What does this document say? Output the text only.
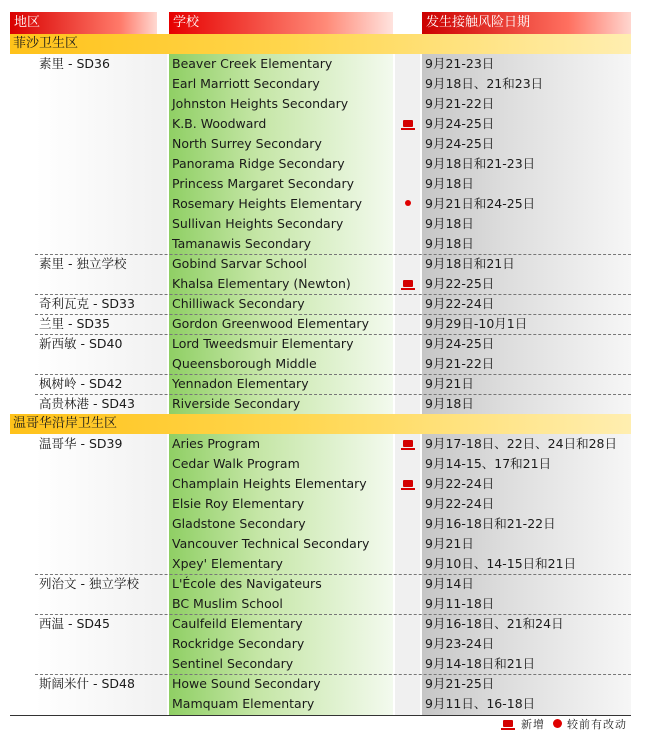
地区	学校	发生接触风险日期
菲沙卫生区
素里 - SD36	Beaver Creek Elementary	9月21-23日
Earl Marriott Secondary	9月18日、21和23日
Johnston Heights Secondary	9月21-22日
K.B. Woodward	9月24-25日
North Surrey Secondary	9月24-25日
Panorama Ridge Secondary	9月18日和21-23日
Princess Margaret Secondary	9月18日
Rosemary Heights Elementary	9月21日和24-25日
Sullivan Heights Secondary	9月18日
Tamanawis Secondary	9月18日
素里 - 独立学校	Gobind Sarvar School	9月18日和21日
Khalsa Elementary (Newton)	9月22-25日
奇利瓦克 - SD33	Chilliwack Secondary	9月22-24日
兰里 - SD35	Gordon Greenwood Elementary	9月29日-10月1日
新西敏 - SD40	Lord Tweedsmuir Elementary	9月24-25日
Queensborough Middle	9月21-22日
枫树岭 - SD42	Yennadon Elementary	9月21日
高贵林港 - SD43	Riverside Secondary	9月18日
温哥华沿岸卫生区
温哥华 - SD39	Aries Program	9月17-18日、22日、24日和28日
Cedar Walk Program	9月14-15、17和21日
Champlain Heights Elementary	9月22-24日
Elsie Roy Elementary	9月22-24日
Gladstone Secondary	9月16-18日和21-22日
Vancouver Technical Secondary	9月21日
Xpey' Elementary	9月10日、14-15日和21日
列治文 - 独立学校	L'École des Navigateurs	9月14日
BC Muslim School	9月11-18日
西温 - SD45	Caulfeild Elementary	9月16-18日、21和24日
Rockridge Secondary	9月23-24日
Sentinel Secondary	9月14-18日和21日
斯阔米什 - SD48	Howe Sound Secondary	9月21-25日
Mamquam Elementary	9月11日、16-18日
新增 较前有改动
